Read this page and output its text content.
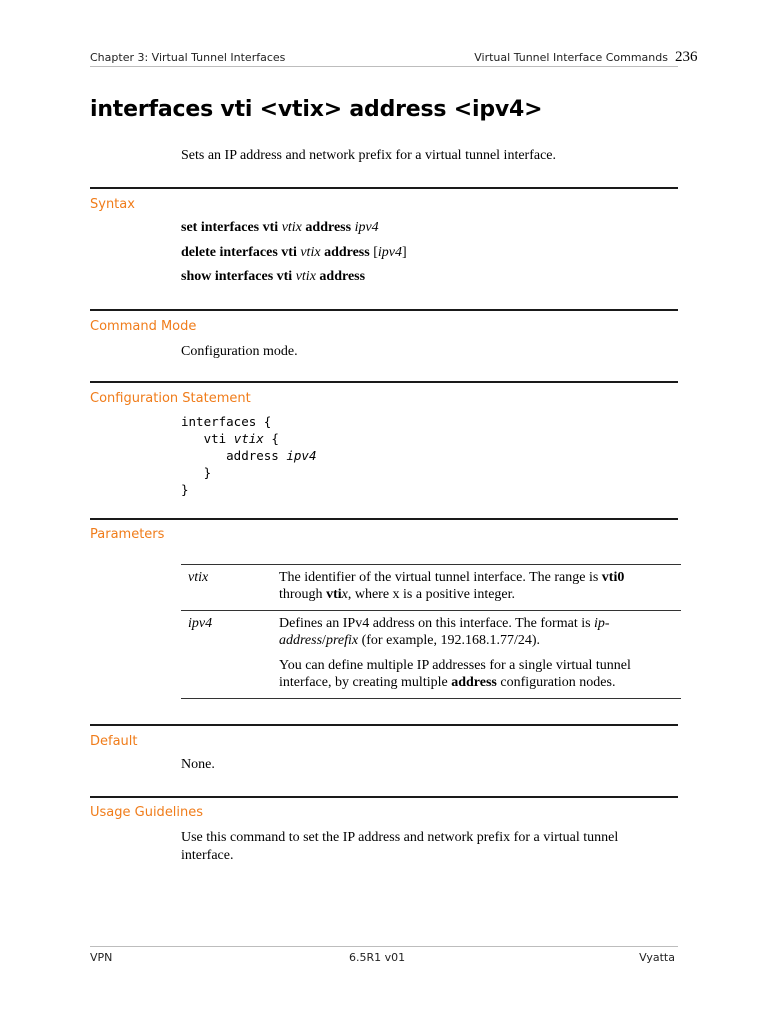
Chapter 3: Virtual Tunnel Interfaces	Virtual Tunnel Interface Commands 236
interfaces vti <vtix> address <ipv4>
Sets an IP address and network prefix for a virtual tunnel interface.
Syntax
set interfaces vti vtix address ipv4
delete interfaces vti vtix address [ipv4]
show interfaces vti vtix address
Command Mode
Configuration mode.
Configuration Statement
interfaces {
vti vtix {
address ipv4
}
}
Parameters
vtix	The identifier of the virtual tunnel interface. The range is vti0 through vtix, where x is a positive integer.

ipv4	Defines an IPv4 address on this interface. The format is ip-address/prefix (for example, 192.168.1.77/24).

You can define multiple IP addresses for a single virtual tunnel interface, by creating multiple address configuration nodes.

Default
None.
Usage Guidelines
Use this command to set the IP address and network prefix for a virtual tunnel interface.
VPN	6.5R1 v01	Vyatta
